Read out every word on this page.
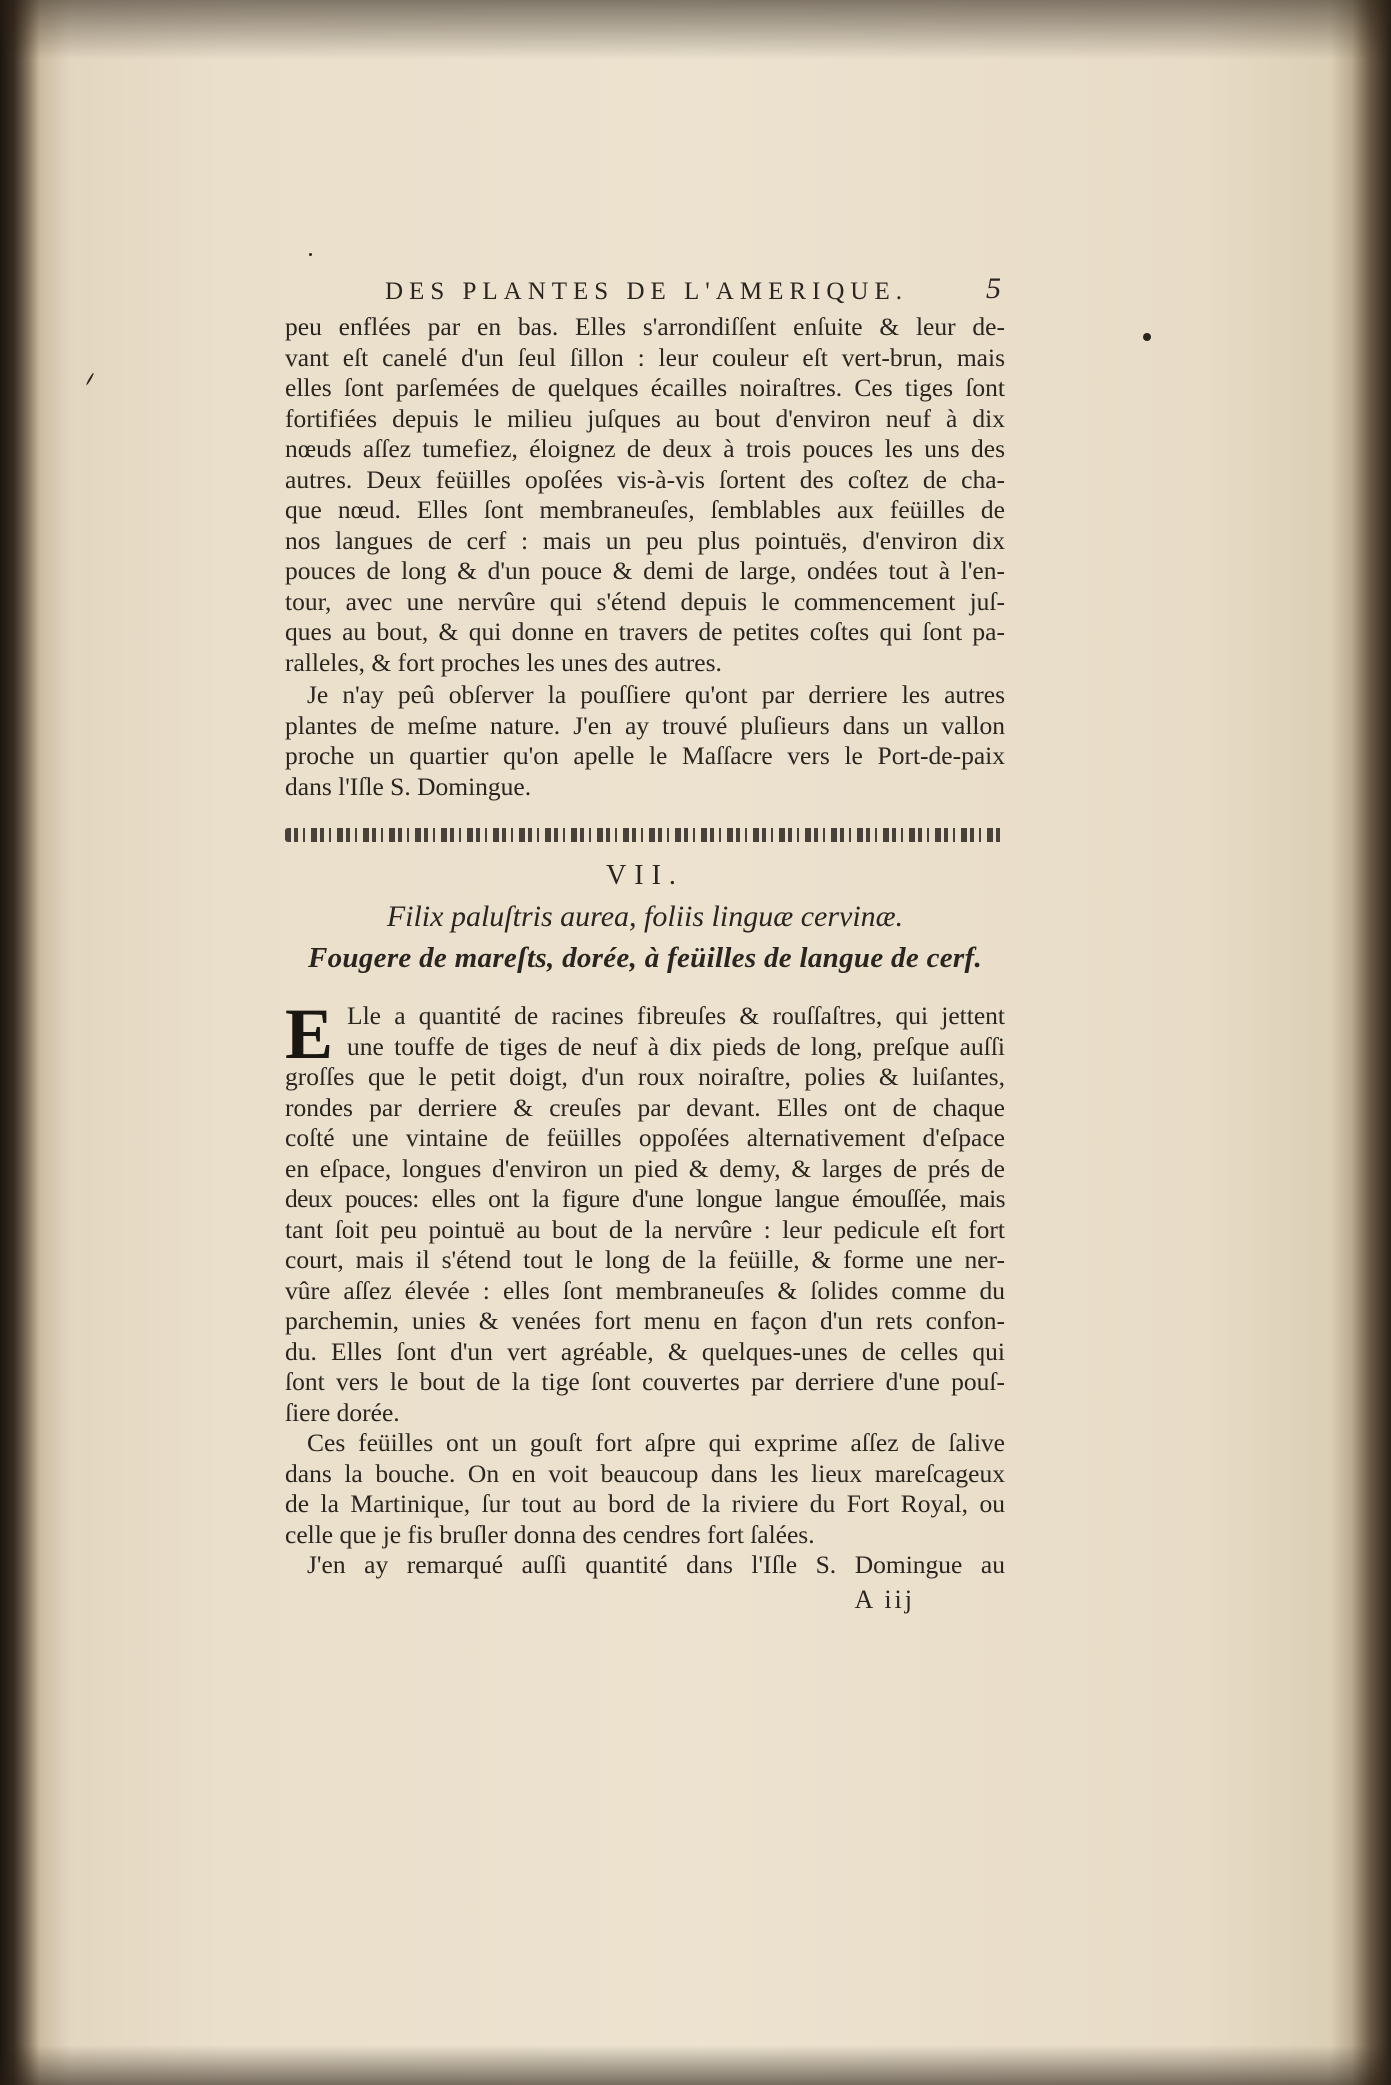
DES PLANTES DE L'AMERIQUE.	5
peu enflées par en bas. Elles s'arrondiſſent enſuite & leur de-
vant eſt canelé d'un ſeul ſillon : leur couleur eſt vert-brun, mais
elles ſont parſemées de quelques écailles noiraſtres. Ces tiges ſont
fortifiées depuis le milieu juſques au bout d'environ neuf à dix
nœuds aſſez tumefiez, éloignez de deux à trois pouces les uns des
autres. Deux feüilles opoſées vis-à-vis ſortent des coſtez de cha-
que nœud. Elles ſont membraneuſes, ſemblables aux feüilles de
nos langues de cerf : mais un peu plus pointuës, d'environ dix
pouces de long & d'un pouce & demi de large, ondées tout à l'en-
tour, avec une nervûre qui s'étend depuis le commencement juſ-
ques au bout, & qui donne en travers de petites coſtes qui ſont pa-
ralleles, & fort proches les unes des autres.
Je n'ay peû obſerver la pouſſiere qu'ont par derriere les autres
plantes de meſme nature. J'en ay trouvé pluſieurs dans un vallon
proche un quartier qu'on apelle le Maſſacre vers le Port-de-paix
dans l'Iſle S. Domingue.
VII.
Filix paluſtris aurea, foliis linguæ cervinæ.
Fougere de mareſts, dorée, à feüilles de langue de cerf.
E Lle a quantité de racines fibreuſes & rouſſaſtres, qui jettent
une touffe de tiges de neuf à dix pieds de long, preſque auſſi
groſſes que le petit doigt, d'un roux noiraſtre, polies & luiſantes,
rondes par derriere & creuſes par devant. Elles ont de chaque
coſté une vintaine de feüilles oppoſées alternativement d'eſpace
en eſpace, longues d'environ un pied & demy, & larges de prés de
deux pouces: elles ont la figure d'une longue langue émouſſée, mais
tant ſoit peu pointuë au bout de la nervûre : leur pedicule eſt fort
court, mais il s'étend tout le long de la feüille, & forme une ner-
vûre aſſez élevée : elles ſont membraneuſes & ſolides comme du
parchemin, unies & venées fort menu en façon d'un rets confon-
du. Elles ſont d'un vert agréable, & quelques-unes de celles qui
ſont vers le bout de la tige ſont couvertes par derriere d'une pouſ-
ſiere dorée.
Ces feüilles ont un gouſt fort aſpre qui exprime aſſez de ſalive
dans la bouche. On en voit beaucoup dans les lieux mareſcageux
de la Martinique, ſur tout au bord de la riviere du Fort Royal, ou
celle que je fis bruſler donna des cendres fort ſalées.
J'en ay remarqué auſſi quantité dans l'Iſle S. Domingue au
A iij
